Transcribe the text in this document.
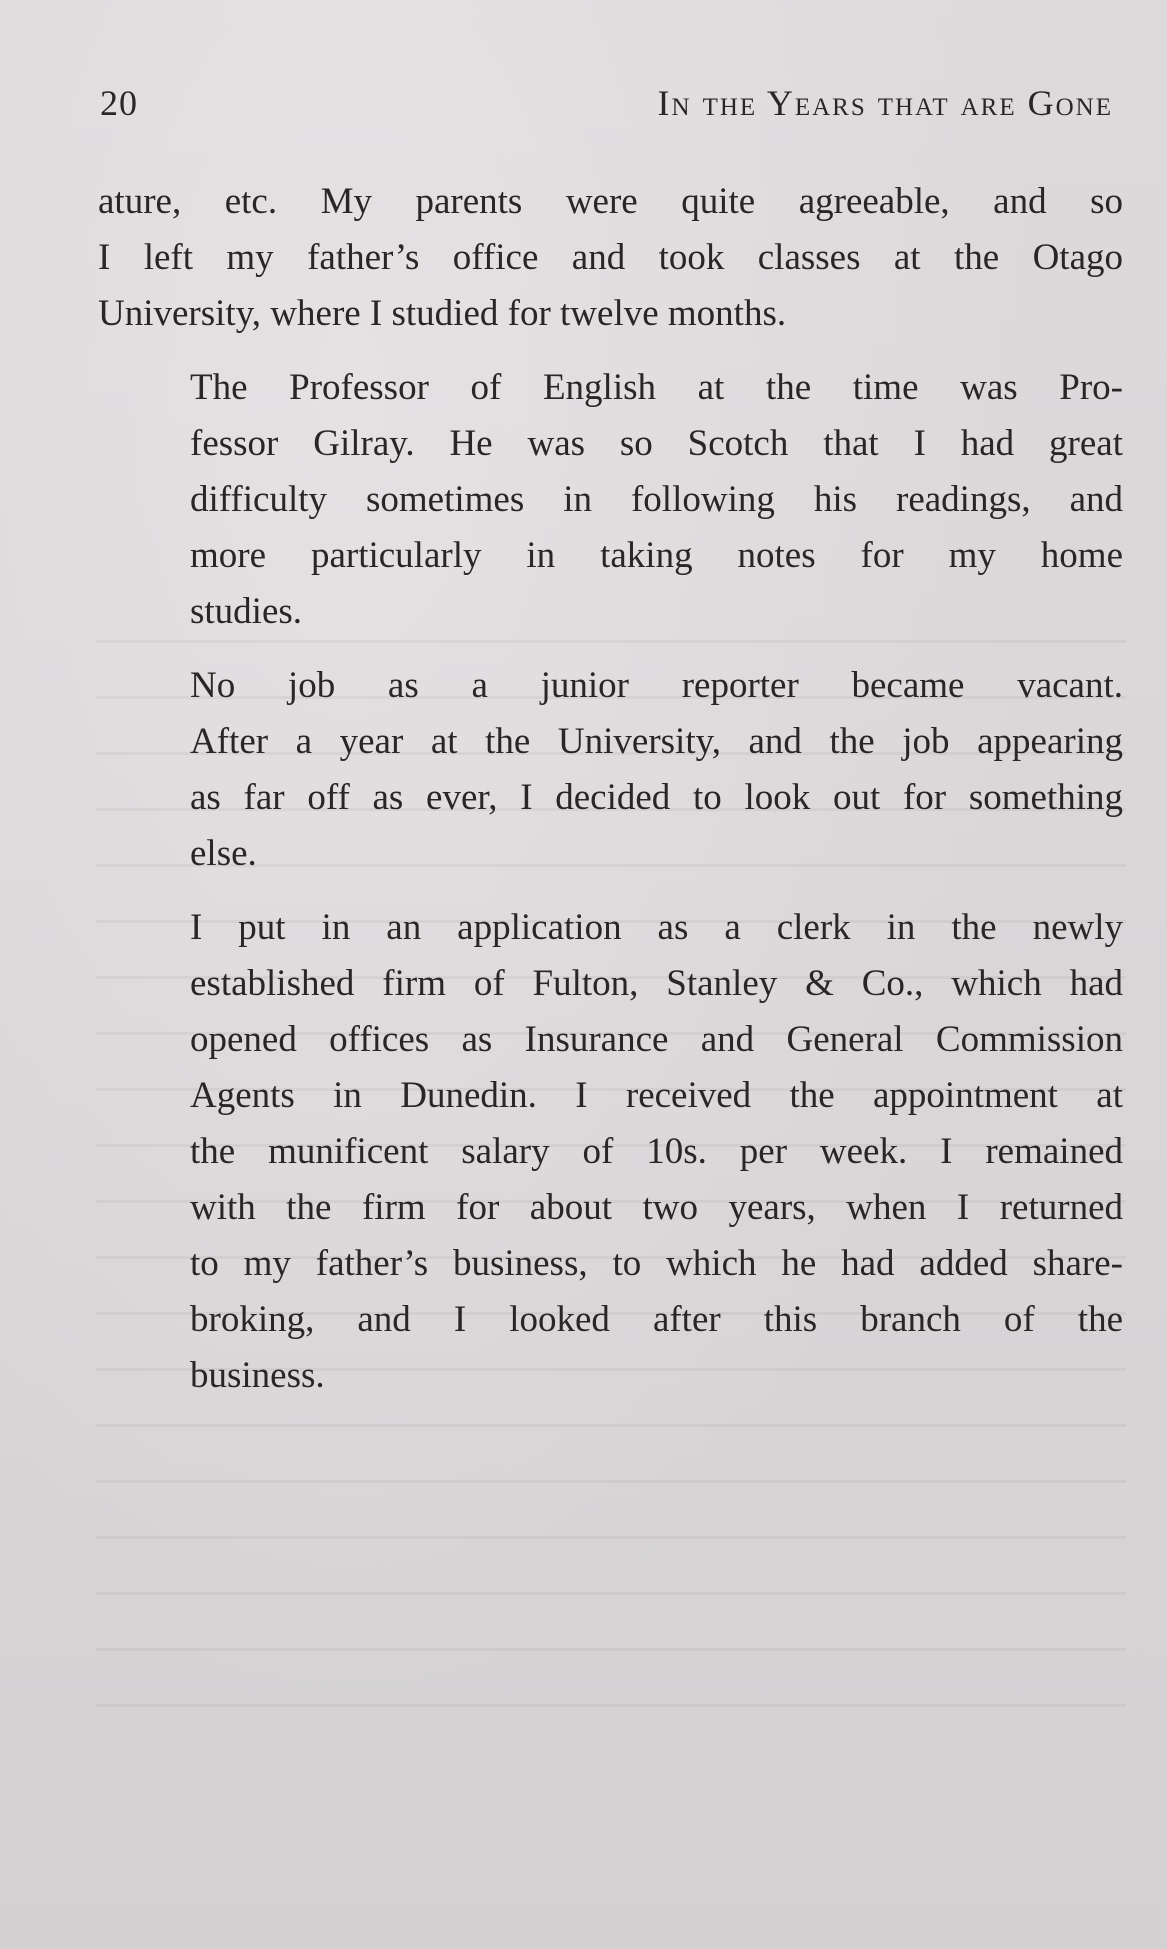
20	In the Years that are Gone

ature, etc. My parents were quite agreeable, and so
I left my father’s office and took classes at the Otago
University, where I studied for twelve months.

The Professor of English at the time was Pro-
fessor Gilray. He was so Scotch that I had great
difficulty sometimes in following his readings, and
more particularly in taking notes for my home
studies.

No job as a junior reporter became vacant.
After a year at the University, and the job appearing
as far off as ever, I decided to look out for something
else.

I put in an application as a clerk in the newly
established firm of Fulton, Stanley & Co., which had
opened offices as Insurance and General Commission
Agents in Dunedin. I received the appointment at
the munificent salary of 10s. per week. I remained
with the firm for about two years, when I returned
to my father’s business, to which he had added share-
broking, and I looked after this branch of the
business.
